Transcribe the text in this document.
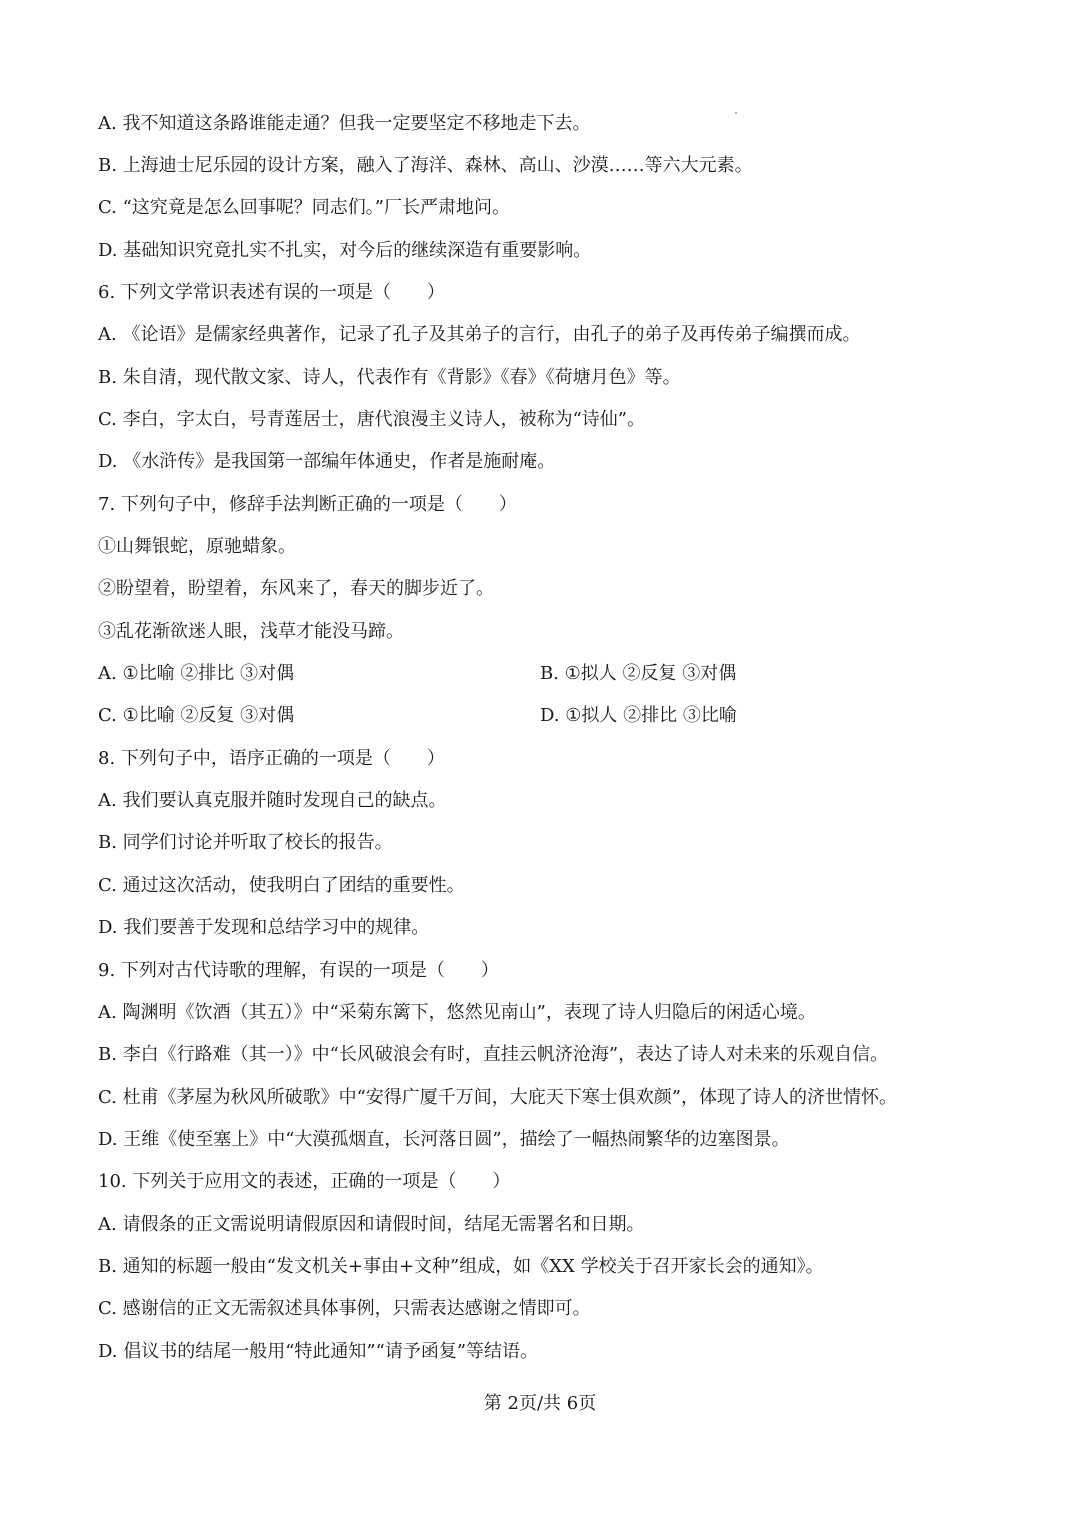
A. 我不知道这条路谁能走通？但我一定要坚定不移地走下去。
B. 上海迪士尼乐园的设计方案，融入了海洋、森林、高山、沙漠……等六大元素。
C. “这究竟是怎么回事呢？同志们。”厂长严肃地问。
D. 基础知识究竟扎实不扎实，对今后的继续深造有重要影响。
6. 下列文学常识表述有误的一项是（　　）
A. 《论语》是儒家经典著作，记录了孔子及其弟子的言行，由孔子的弟子及再传弟子编撰而成。
B. 朱自清，现代散文家、诗人，代表作有《背影》《春》《荷塘月色》等。
C. 李白，字太白，号青莲居士，唐代浪漫主义诗人，被称为“诗仙”。
D. 《水浒传》是我国第一部编年体通史，作者是施耐庵。
7. 下列句子中，修辞手法判断正确的一项是（　　）
①山舞银蛇，原驰蜡象。
②盼望着，盼望着，东风来了，春天的脚步近了。
③乱花渐欲迷人眼，浅草才能没马蹄。
A. ①比喻 ②排比 ③对偶	B. ①拟人 ②反复 ③对偶
C. ①比喻 ②反复 ③对偶	D. ①拟人 ②排比 ③比喻
8. 下列句子中，语序正确的一项是（　　）
A. 我们要认真克服并随时发现自己的缺点。
B. 同学们讨论并听取了校长的报告。
C. 通过这次活动，使我明白了团结的重要性。
D. 我们要善于发现和总结学习中的规律。
9. 下列对古代诗歌的理解，有误的一项是（　　）
A. 陶渊明《饮酒（其五）》中“采菊东篱下，悠然见南山”，表现了诗人归隐后的闲适心境。
B. 李白《行路难（其一）》中“长风破浪会有时，直挂云帆济沧海”，表达了诗人对未来的乐观自信。
C. 杜甫《茅屋为秋风所破歌》中“安得广厦千万间，大庇天下寒士俱欢颜”，体现了诗人的济世情怀。
D. 王维《使至塞上》中“大漠孤烟直，长河落日圆”，描绘了一幅热闹繁华的边塞图景。
10. 下列关于应用文的表述，正确的一项是（　　）
A. 请假条的正文需说明请假原因和请假时间，结尾无需署名和日期。
B. 通知的标题一般由“发文机关+事由+文种”组成，如《XX 学校关于召开家长会的通知》。
C. 感谢信的正文无需叙述具体事例，只需表达感谢之情即可。
D. 倡议书的结尾一般用“特此通知”“请予函复”等结语。
第 2页/共 6页
